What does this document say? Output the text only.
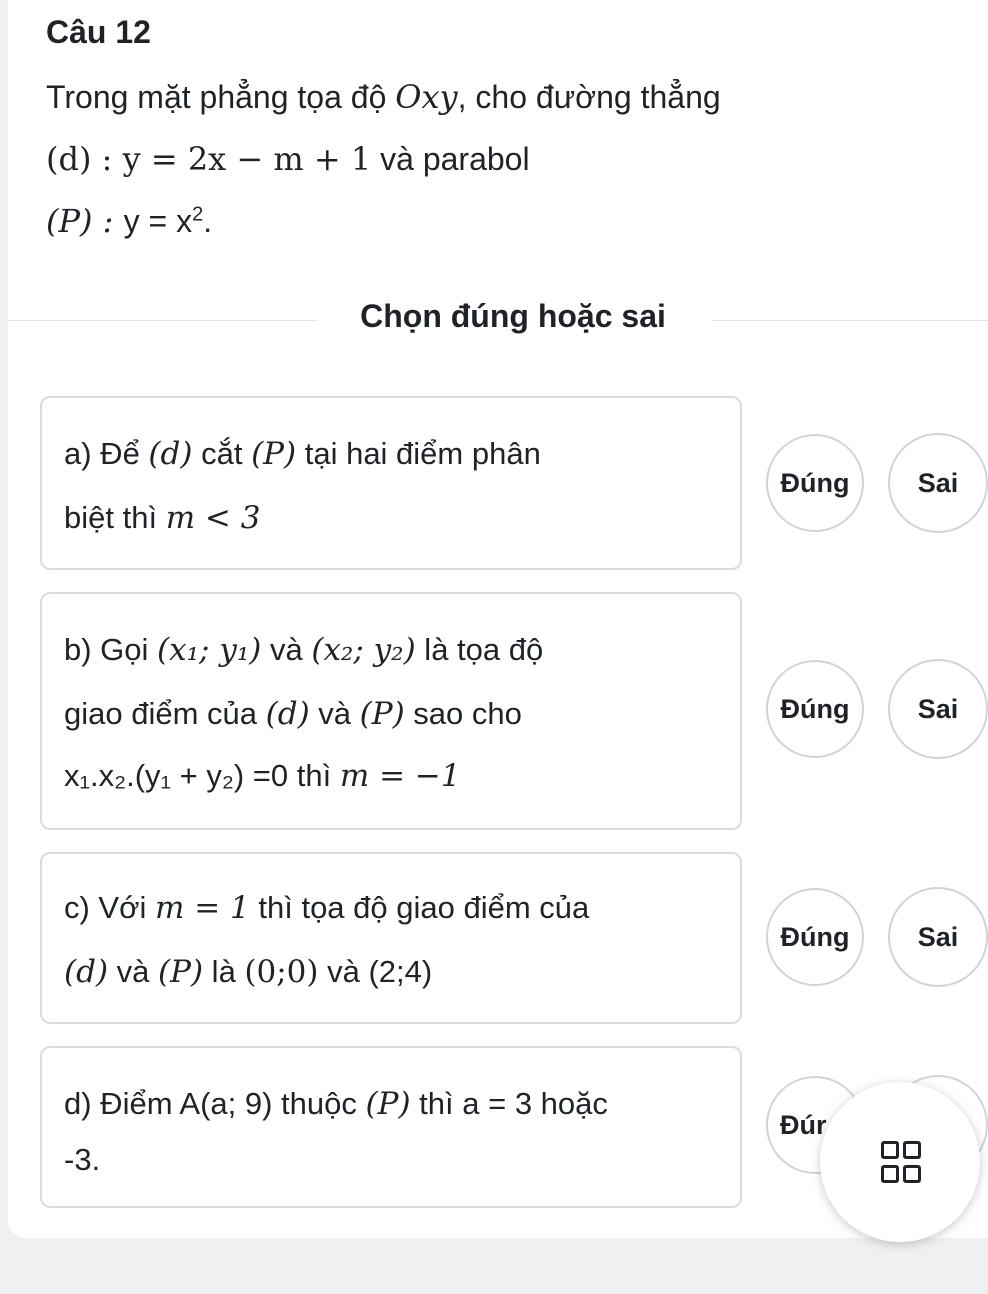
Câu 12
Trong mặt phẳng tọa độ Oxy, cho đường thẳng
(d) : y = 2x − m + 1 và parabol
(P) : $y = x^2$.
Chọn đúng hoặc sai
a) Để (d) cắt (P) tại hai điểm phân
biệt thì m < 3
Đúng	Sai
b) Gọi (x₁; y₁) và (x₂; y₂) là tọa độ
giao điểm của (d) và (P) sao cho
x₁.x₂.(y₁ + y₂) =0 thì m = −1
Đúng	Sai
c) Với m = 1 thì tọa độ giao điểm của
(d) và (P) là (0;0) và (2;4)
Đúng	Sai
d) Điểm A(a; 9) thuộc (P) thì a = 3 hoặc
-3.
Đúr
